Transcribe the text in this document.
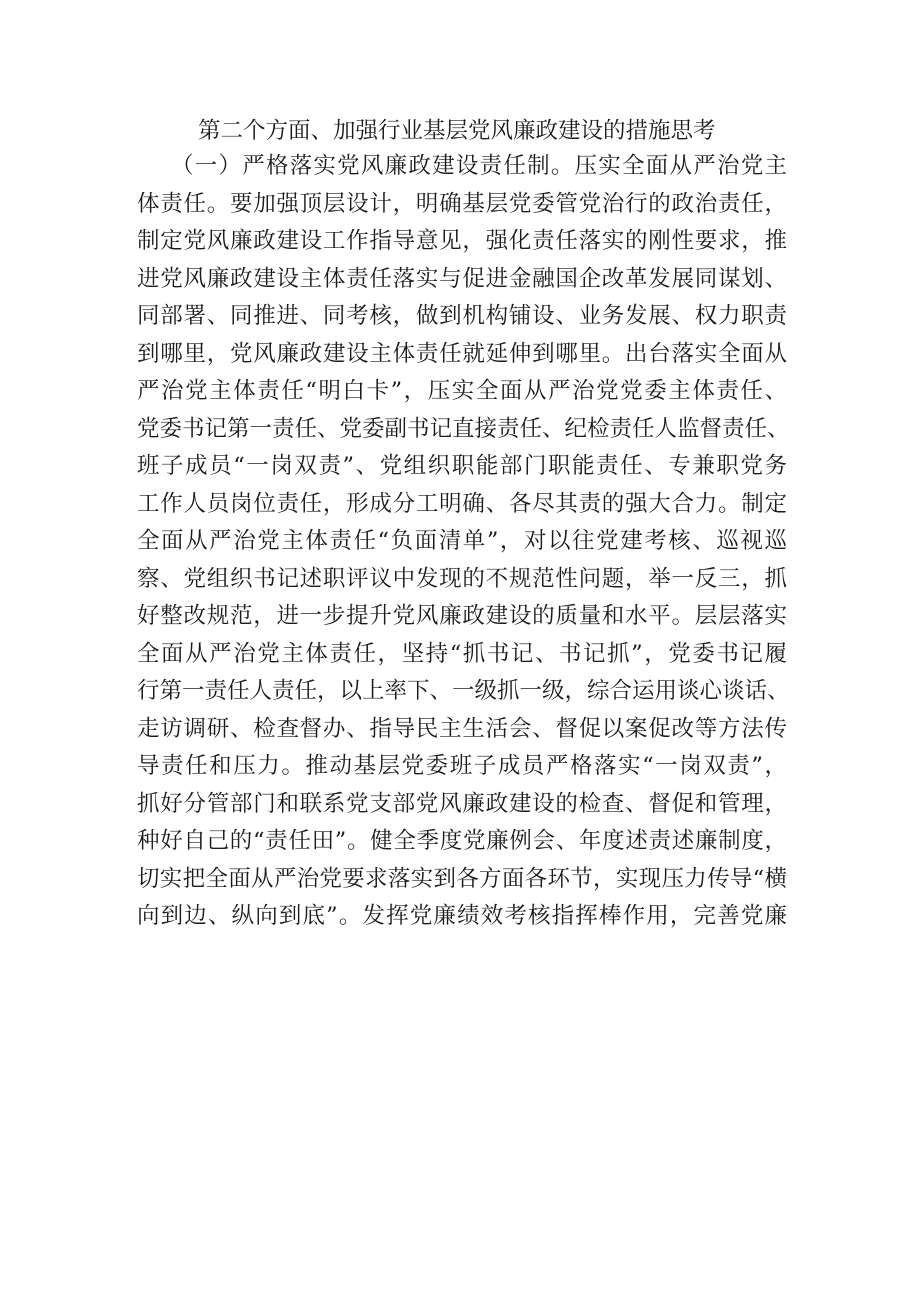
第二个方面、加强行业基层党风廉政建设的措施思考
（一）严格落实党风廉政建设责任制。压实全面从严治党主
体责任。要加强顶层设计，明确基层党委管党治行的政治责任，
制定党风廉政建设工作指导意见，强化责任落实的刚性要求，推
进党风廉政建设主体责任落实与促进金融国企改革发展同谋划、
同部署、同推进、同考核，做到机构铺设、业务发展、权力职责
到哪里，党风廉政建设主体责任就延伸到哪里。出台落实全面从
严治党主体责任“明白卡”，压实全面从严治党党委主体责任、
党委书记第一责任、党委副书记直接责任、纪检责任人监督责任、
班子成员“一岗双责”、党组织职能部门职能责任、专兼职党务
工作人员岗位责任，形成分工明确、各尽其责的强大合力。制定
全面从严治党主体责任“负面清单”，对以往党建考核、巡视巡
察、党组织书记述职评议中发现的不规范性问题，举一反三，抓
好整改规范，进一步提升党风廉政建设的质量和水平。层层落实
全面从严治党主体责任，坚持“抓书记、书记抓”，党委书记履
行第一责任人责任，以上率下、一级抓一级，综合运用谈心谈话、
走访调研、检查督办、指导民主生活会、督促以案促改等方法传
导责任和压力。推动基层党委班子成员严格落实“一岗双责”，
抓好分管部门和联系党支部党风廉政建设的检查、督促和管理，
种好自己的“责任田”。健全季度党廉例会、年度述责述廉制度，
切实把全面从严治党要求落实到各方面各环节，实现压力传导“横
向到边、纵向到底”。发挥党廉绩效考核指挥棒作用，完善党廉
